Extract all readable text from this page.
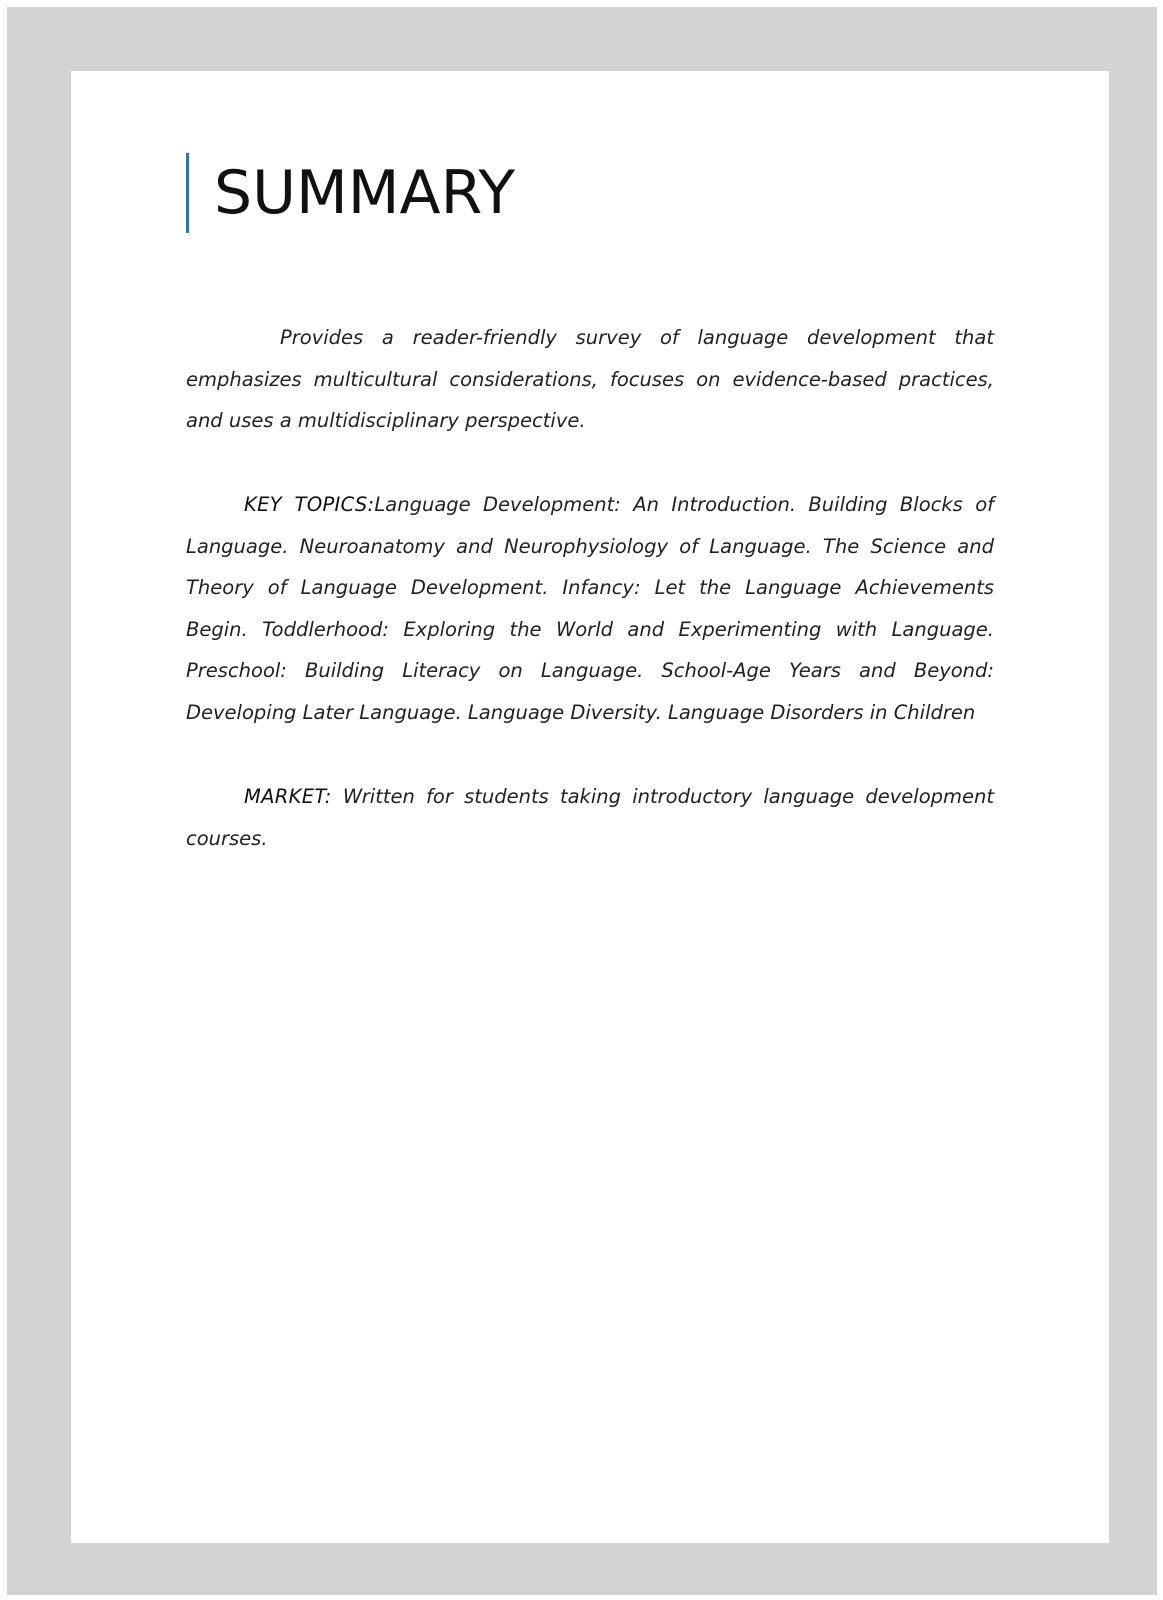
SUMMARY

Provides a reader-friendly survey of language development that emphasizes multicultural considerations, focuses on evidence-based practices, and uses a multidisciplinary perspective.

KEY TOPICS:Language Development: An Introduction. Building Blocks of Language. Neuroanatomy and Neurophysiology of Language. The Science and Theory of Language Development. Infancy: Let the Language Achievements Begin. Toddlerhood: Exploring the World and Experimenting with Language. Preschool: Building Literacy on Language. School-Age Years and Beyond: Developing Later Language. Language Diversity. Language Disorders in Children

MARKET: Written for students taking introductory language development courses.
